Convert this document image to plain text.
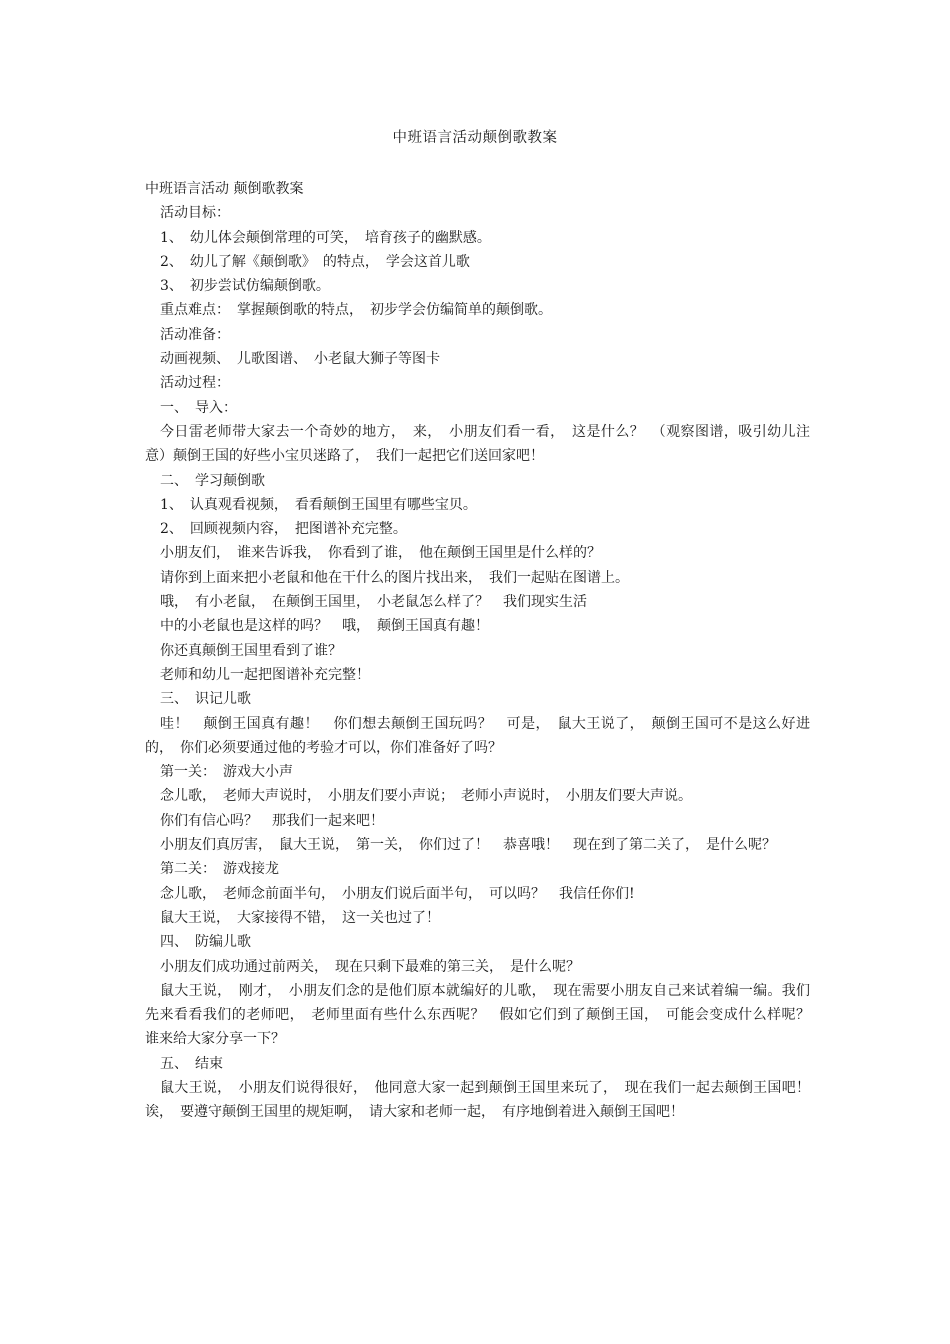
中班语言活动颠倒歌教案
中班语言活动 颠倒歌教案
活动目标：
1、　幼儿体会颠倒常理的可笑，　培育孩子的幽默感。
2、　幼儿了解《颠倒歌》　的特点，　学会这首儿歌
3、　初步尝试仿编颠倒歌。
重点难点：　掌握颠倒歌的特点，　初步学会仿编简单的颠倒歌。
活动准备：
动画视频、　儿歌图谱、　小老鼠大狮子等图卡
活动过程：
一、　导入：
今日雷老师带大家去一个奇妙的地方，　来，　小朋友们看一看，　这是什么？　（观察图谱，吸引幼儿注意）颠倒王国的好些小宝贝迷路了，　我们一起把它们送回家吧！
二、　学习颠倒歌
1、　认真观看视频，　看看颠倒王国里有哪些宝贝。
2、　回顾视频内容，　把图谱补充完整。
小朋友们，　谁来告诉我，　你看到了谁，　他在颠倒王国里是什么样的？
请你到上面来把小老鼠和他在干什么的图片找出来，　我们一起贴在图谱上。
哦，　有小老鼠，　在颠倒王国里，　小老鼠怎么样了？　我们现实生活
中的小老鼠也是这样的吗？　哦，　颠倒王国真有趣！
你还真颠倒王国里看到了谁？
老师和幼儿一起把图谱补充完整！
三、　识记儿歌
哇！　颠倒王国真有趣！　你们想去颠倒王国玩吗？　可是，　鼠大王说了，　颠倒王国可不是这么好进的，　你们必须要通过他的考验才可以，你们准备好了吗？
第一关：　游戏大小声
念儿歌，　老师大声说时，　小朋友们要小声说；　老师小声说时，　小朋友们要大声说。
你们有信心吗？　那我们一起来吧！
小朋友们真厉害，　鼠大王说，　第一关，　你们过了！　恭喜哦！　现在到了第二关了，　是什么呢？
第二关：　游戏接龙
念儿歌，　老师念前面半句，　小朋友们说后面半句，　可以吗？　我信任你们!
鼠大王说，　大家接得不错，　这一关也过了！
四、　防编儿歌
小朋友们成功通过前两关，　现在只剩下最难的第三关，　是什么呢？
鼠大王说，　刚才，　小朋友们念的是他们原本就编好的儿歌，　现在需要小朋友自己来试着编一编。我们先来看看我们的老师吧，　老师里面有些什么东西呢？　假如它们到了颠倒王国，　可能会变成什么样呢？　谁来给大家分享一下？
五、　结束
鼠大王说，　小朋友们说得很好，　他同意大家一起到颠倒王国里来玩了，　现在我们一起去颠倒王国吧！诶，　要遵守颠倒王国里的规矩啊，　请大家和老师一起，　有序地倒着进入颠倒王国吧！
